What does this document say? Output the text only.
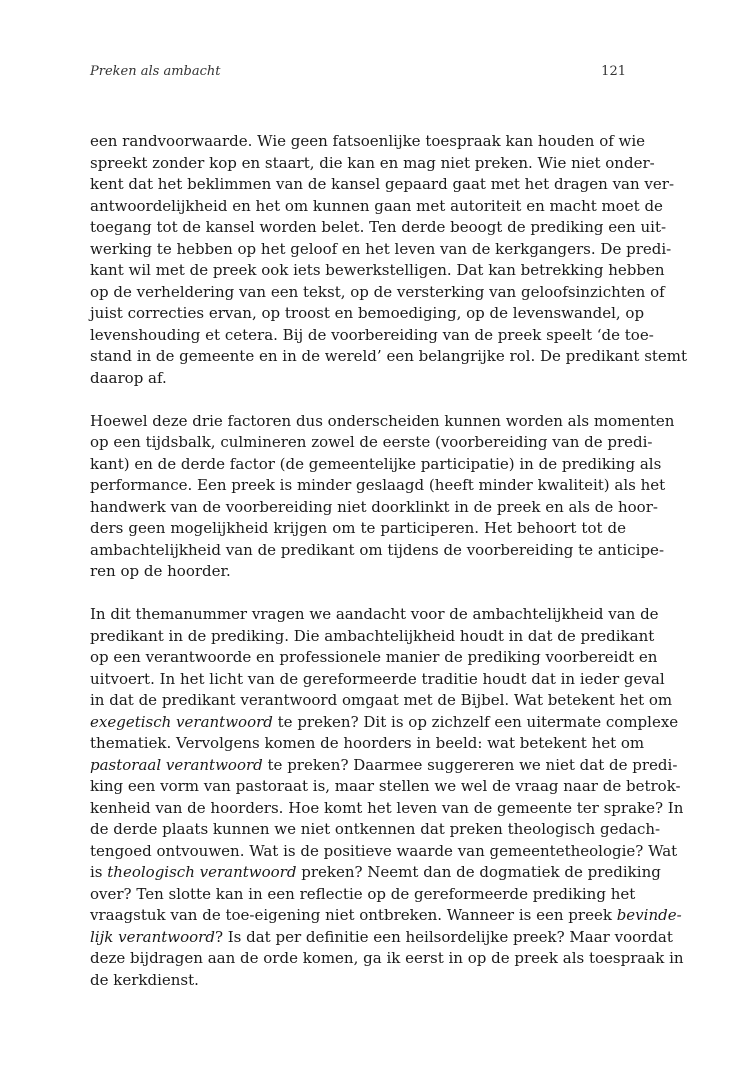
Preken als ambacht	121

een randvoorwaarde. Wie geen fatsoenlijke toespraak kan houden of wie
spreekt zonder kop en staart, die kan en mag niet preken. Wie niet onder-
kent dat het beklimmen van de kansel gepaard gaat met het dragen van ver-
antwoordelijkheid en het om kunnen gaan met autoriteit en macht moet de
toegang tot de kansel worden belet. Ten derde beoogt de prediking een uit-
werking te hebben op het geloof en het leven van de kerkgangers. De predi-
kant wil met de preek ook iets bewerkstelligen. Dat kan betrekking hebben
op de verheldering van een tekst, op de versterking van geloofsinzichten of
juist correcties ervan, op troost en bemoediging, op de levenswandel, op
levenshouding et cetera. Bij de voorbereiding van de preek speelt ‘de toe-
stand in de gemeente en in de wereld’ een belangrijke rol. De predikant stemt
daarop af.

Hoewel deze drie factoren dus onderscheiden kunnen worden als momenten
op een tijdsbalk, culmineren zowel de eerste (voorbereiding van de predi-
kant) en de derde factor (de gemeentelijke participatie) in de prediking als
performance. Een preek is minder geslaagd (heeft minder kwaliteit) als het
handwerk van de voorbereiding niet doorklinkt in de preek en als de hoor-
ders geen mogelijkheid krijgen om te participeren. Het behoort tot de
ambachtelijkheid van de predikant om tijdens de voorbereiding te anticipe-
ren op de hoorder.

In dit themanummer vragen we aandacht voor de ambachtelijkheid van de
predikant in de prediking. Die ambachtelijkheid houdt in dat de predikant
op een verantwoorde en professionele manier de prediking voorbereidt en
uitvoert. In het licht van de gereformeerde traditie houdt dat in ieder geval
in dat de predikant verantwoord omgaat met de Bijbel. Wat betekent het om
exegetisch verantwoord te preken? Dit is op zichzelf een uitermate complexe
thematiek. Vervolgens komen de hoorders in beeld: wat betekent het om
pastoraal verantwoord te preken? Daarmee suggereren we niet dat de predi-
king een vorm van pastoraat is, maar stellen we wel de vraag naar de betrok-
kenheid van de hoorders. Hoe komt het leven van de gemeente ter sprake? In
de derde plaats kunnen we niet ontkennen dat preken theologisch gedach-
tengoed ontvouwen. Wat is de positieve waarde van gemeentetheologie? Wat
is theologisch verantwoord preken? Neemt dan de dogmatiek de prediking
over? Ten slotte kan in een reflectie op de gereformeerde prediking het
vraagstuk van de toe-eigening niet ontbreken. Wanneer is een preek bevinde-
lijk verantwoord? Is dat per definitie een heilsordelijke preek? Maar voordat
deze bijdragen aan de orde komen, ga ik eerst in op de preek als toespraak in
de kerkdienst.
